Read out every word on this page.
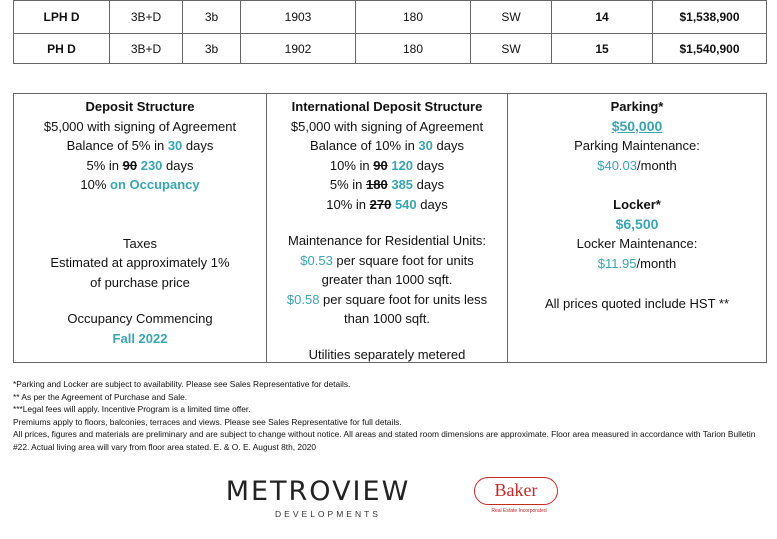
LPH D	3B+D	3b	1903	180	SW	14	$1,538,900
PH D	3B+D	3b	1902	180	SW	15	$1,540,900
Deposit Structure
$5,000 with signing of Agreement
Balance of 5% in 30 days
5% in 90 230 days
10% on Occupancy
Taxes
Estimated at approximately 1%
of purchase price
Occupancy Commencing
Fall 2022
International Deposit Structure
$5,000 with signing of Agreement
Balance of 10% in 30 days
10% in 90 120 days
5% in 180 385 days
10% in 270 540 days
Maintenance for Residential Units:
$0.53 per square foot for units
greater than 1000 sqft.
$0.58 per square foot for units less
than 1000 sqft.
Utilities separately metered
Parking*
$50,000
Parking Maintenance:
$40.03/month
Locker*
$6,500
Locker Maintenance:
$11.95/month
All prices quoted include HST **
*Parking and Locker are subject to availability. Please see Sales Representative for details.
** As per the Agreement of Purchase and Sale.
***Legal fees will apply. Incentive Program is a limited time offer.
Premiums apply to floors, balconies, terraces and views. Please see Sales Representative for full details.
All prices, figures and materials are preliminary and are subject to change without notice. All areas and stated room dimensions are approximate. Floor area measured in accordance with Tarion Bulletin #22. Actual living area will vary from floor area stated. E. & O. E. August 8th, 2020
METROVIEW
DEVELOPMENTS
Baker
Real Estate Incorporated
